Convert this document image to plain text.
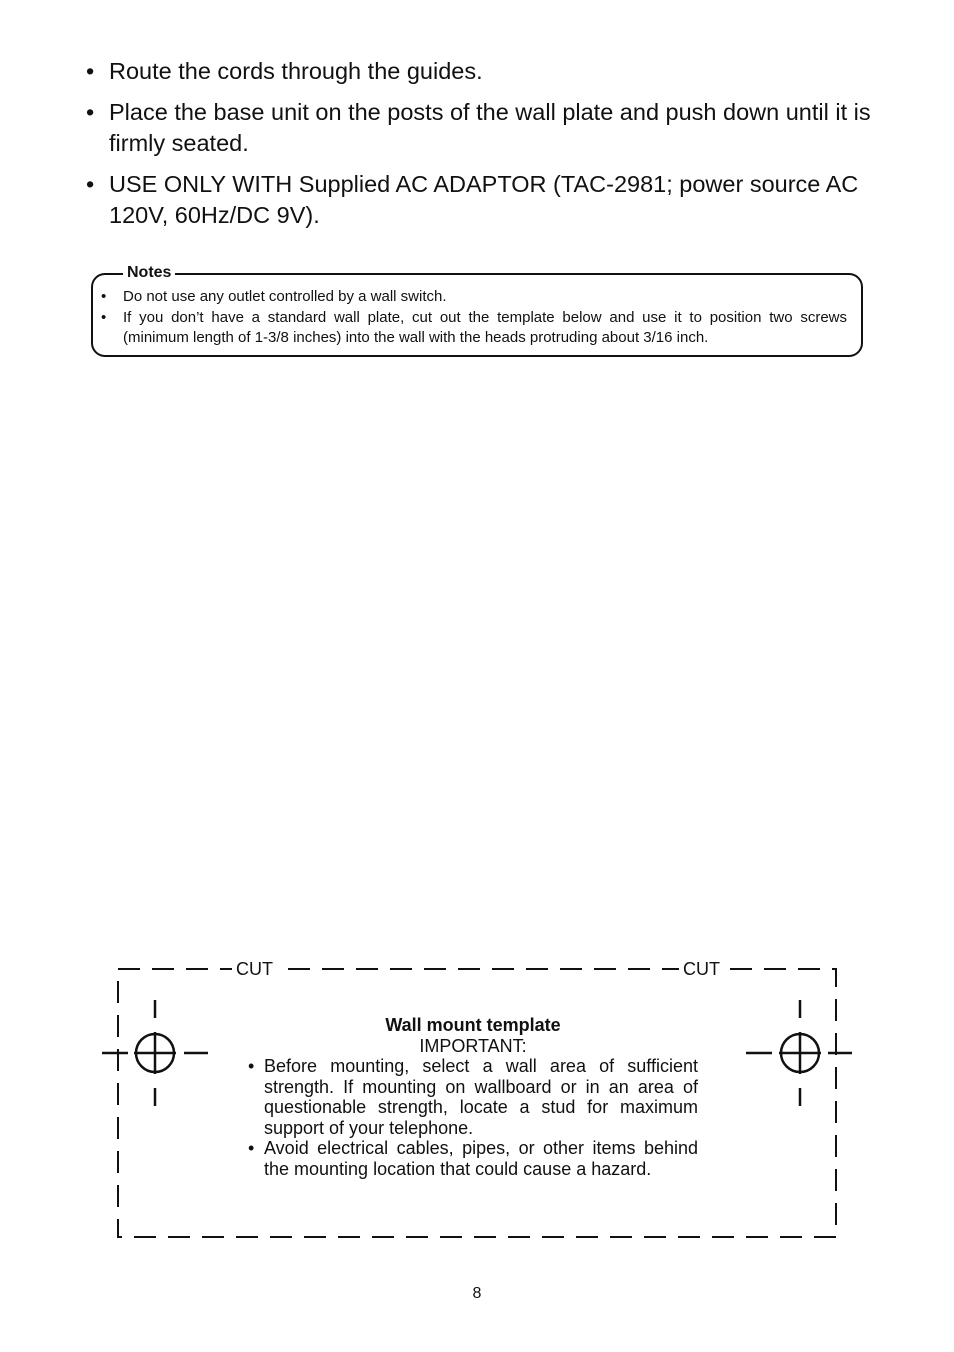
• Route the cords through the guides.
• Place the base unit on the posts of the wall plate and push down until it is firmly seated.
• USE ONLY WITH Supplied AC ADAPTOR (TAC-2981; power source AC 120V, 60Hz/DC 9V).
Notes
• Do not use any outlet controlled by a wall switch.
• If you don’t have a standard wall plate, cut out the template below and use it to position two screws (minimum length of 1-3/8 inches) into the wall with the heads protruding about 3/16 inch.
CUT	CUT
Wall mount template
IMPORTANT:
• Before mounting, select a wall area of sufficient strength. If mounting on wallboard or in an area of questionable strength, locate a stud for maximum support of your telephone.
• Avoid electrical cables, pipes, or other items behind the mounting location that could cause a hazard.
8
